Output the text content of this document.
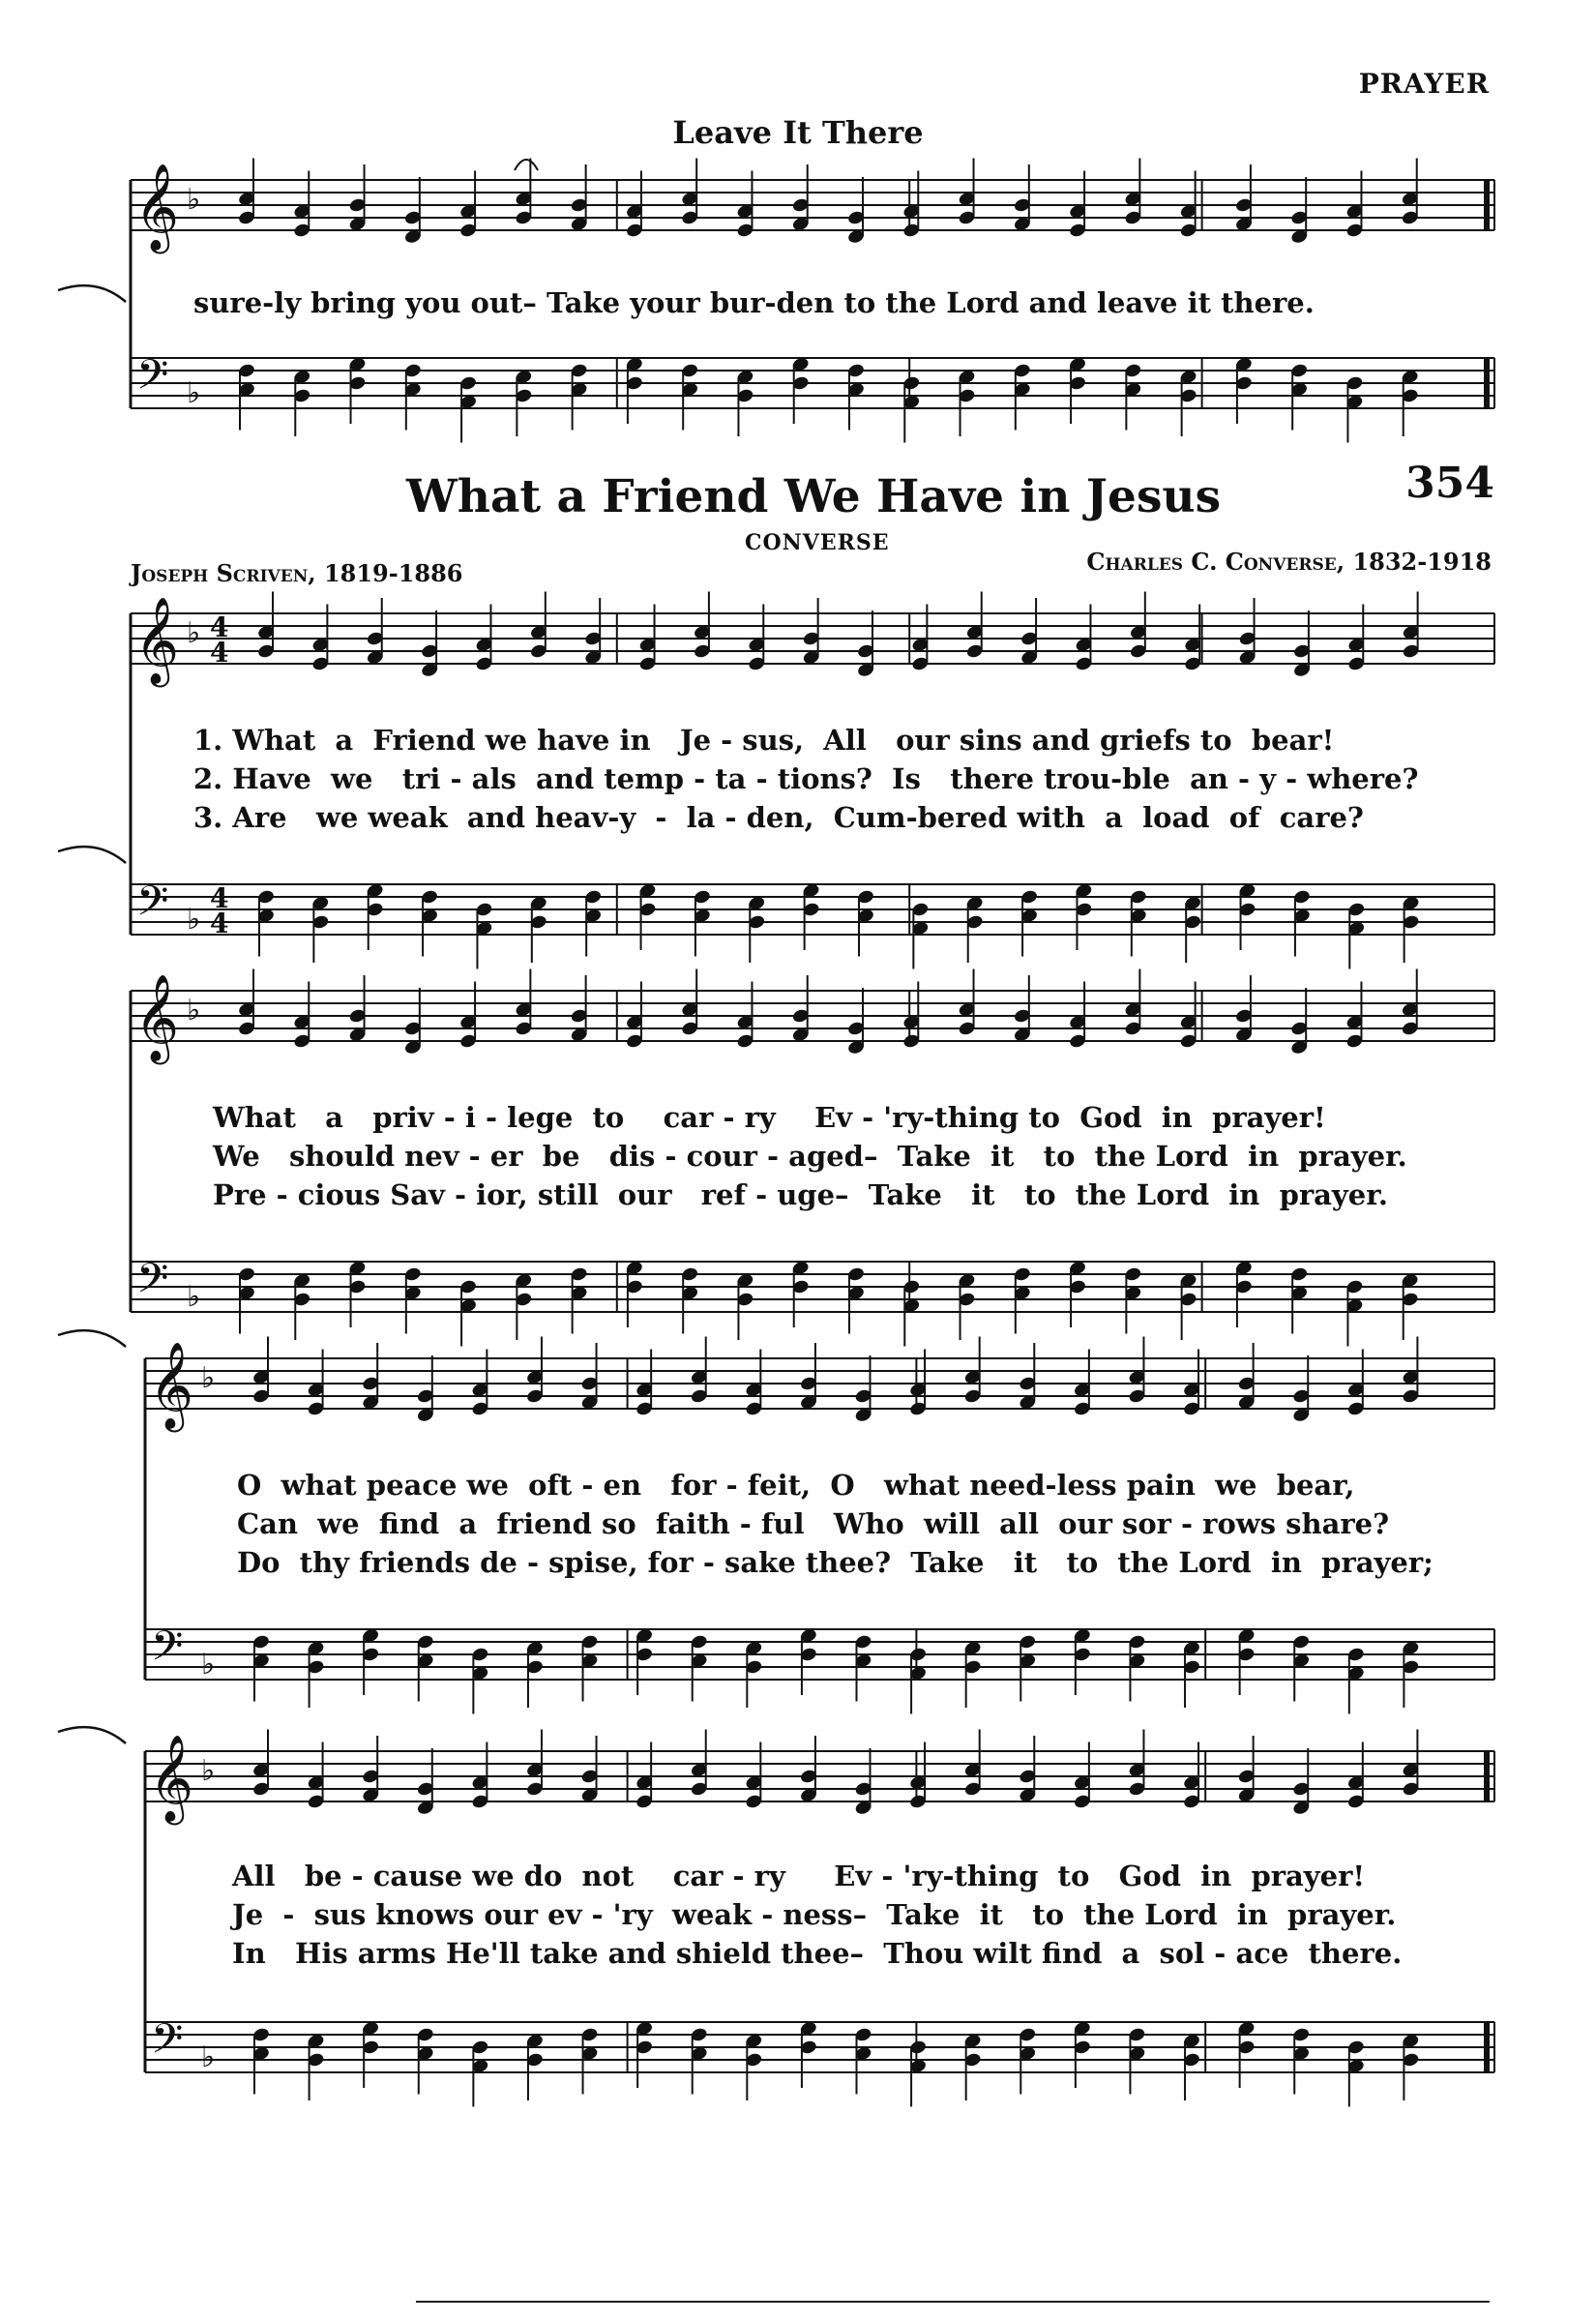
PRAYER
Leave It There
sure-ly bring you out– Take your bur-den to the Lord and leave it there.
What a Friend We Have in Jesus	354
CONVERSE
Joseph Scriven, 1819-1886	Charles C. Converse, 1832-1918
1. What  a  Friend we have in   Je - sus,  All   our sins and griefs to  bear!
2. Have  we   tri - als  and temp - ta - tions?  Is   there trou-ble  an - y - where?
3. Are   we weak  and heav-y  -  la - den,  Cum-bered with  a  load  of  care?
What   a   priv - i - lege  to    car - ry    Ev - 'ry-thing to  God  in  prayer!
We   should nev - er  be   dis - cour - aged–  Take  it   to  the Lord  in  prayer.
Pre - cious Sav - ior, still  our   ref - uge–  Take   it   to  the Lord  in  prayer.
O  what peace we  oft - en   for - feit,  O   what need-less pain  we  bear,
Can  we  find  a  friend so  faith - ful   Who  will  all  our sor - rows share?
Do  thy friends de - spise, for - sake thee?  Take   it   to  the Lord  in  prayer;
All   be - cause we do  not    car - ry     Ev - 'ry-thing  to   God  in  prayer!
Je  -  sus knows our ev - 'ry  weak - ness–  Take  it   to  the Lord  in  prayer.
In   His arms He'll take and shield thee–  Thou wilt find  a  sol - ace  there.
𝄞
𝄢
♭
♭
𝄞
𝄢
♭
♭
4
4
4
4
𝄞
𝄢
♭
♭
𝄞
𝄢
♭
♭
𝄞
𝄢
♭
♭
